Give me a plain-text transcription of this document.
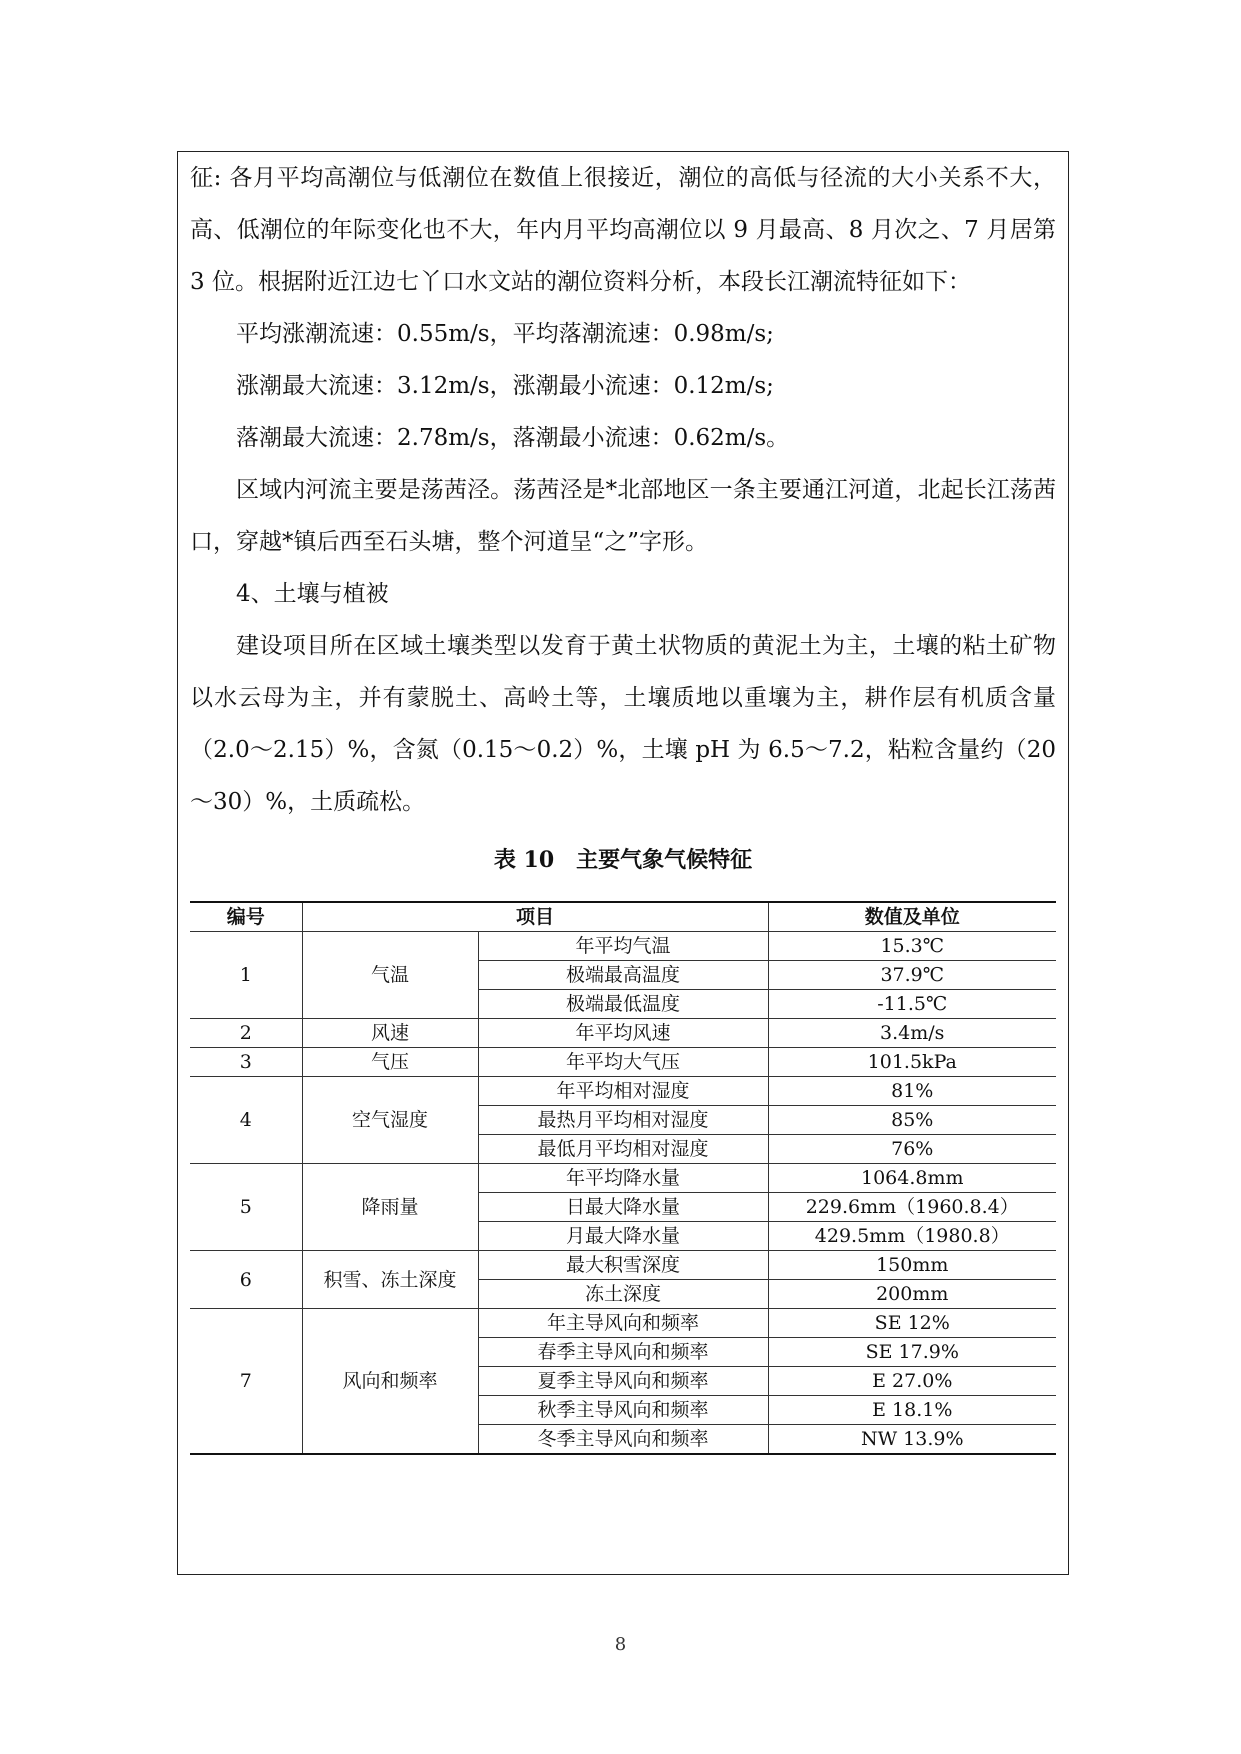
征: 各月平均高潮位与低潮位在数值上很接近，潮位的高低与径流的大小关系不大，高、低潮位的年际变化也不大，年内月平均高潮位以 9 月最高、8 月次之、7 月居第 3 位。根据附近江边七丫口水文站的潮位资料分析，本段长江潮流特征如下：

平均涨潮流速：0.55m/s，平均落潮流速：0.98m/s;

涨潮最大流速：3.12m/s，涨潮最小流速：0.12m/s;

落潮最大流速：2.78m/s，落潮最小流速：0.62m/s。

区域内河流主要是荡茜泾。荡茜泾是*北部地区一条主要通江河道，北起长江荡茜口，穿越*镇后西至石头塘，整个河道呈“之”字形。

4、土壤与植被

建设项目所在区域土壤类型以发育于黄土状物质的黄泥土为主，土壤的粘土矿物以水云母为主，并有蒙脱土、高岭土等，土壤质地以重壤为主，耕作层有机质含量（2.0～2.15）%，含氮（0.15～0.2）%，土壤 pH 为 6.5～7.2，粘粒含量约（20～30）%，土质疏松。

表 10　主要气象气候特征

编号	项目		数值及单位
1	气温	年平均气温	15.3℃
		极端最高温度	37.9℃
		极端最低温度	-11.5℃
2	风速	年平均风速	3.4m/s
3	气压	年平均大气压	101.5kPa
4	空气湿度	年平均相对湿度	81%
		最热月平均相对湿度	85%
		最低月平均相对湿度	76%
5	降雨量	年平均降水量	1064.8mm
		日最大降水量	229.6mm（1960.8.4）
		月最大降水量	429.5mm（1980.8）
6	积雪、冻土深度	最大积雪深度	150mm
		冻土深度	200mm
7	风向和频率	年主导风向和频率	SE 12%
		春季主导风向和频率	SE 17.9%
		夏季主导风向和频率	E 27.0%
		秋季主导风向和频率	E 18.1%
		冬季主导风向和频率	NW 13.9%
8
